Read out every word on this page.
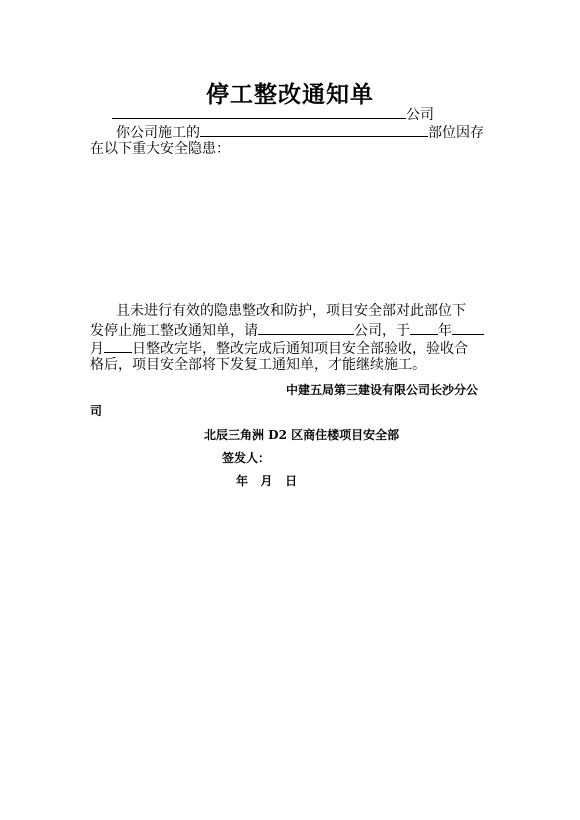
停工整改通知单
公司
你公司施工的	部位因存
在以下重大安全隐患：
且未进行有效的隐患整改和防护，项目安全部对此部位下
发停止施工整改通知单，请	公司，于 年
月 日整改完毕，整改完成后通知项目安全部验收，验收合
格后，项目安全部将下发复工通知单，才能继续施工。
中建五局第三建设有限公司长沙分公
司
北辰三角洲 D2 区商住楼项目安全部
签发人：
年   月   日
